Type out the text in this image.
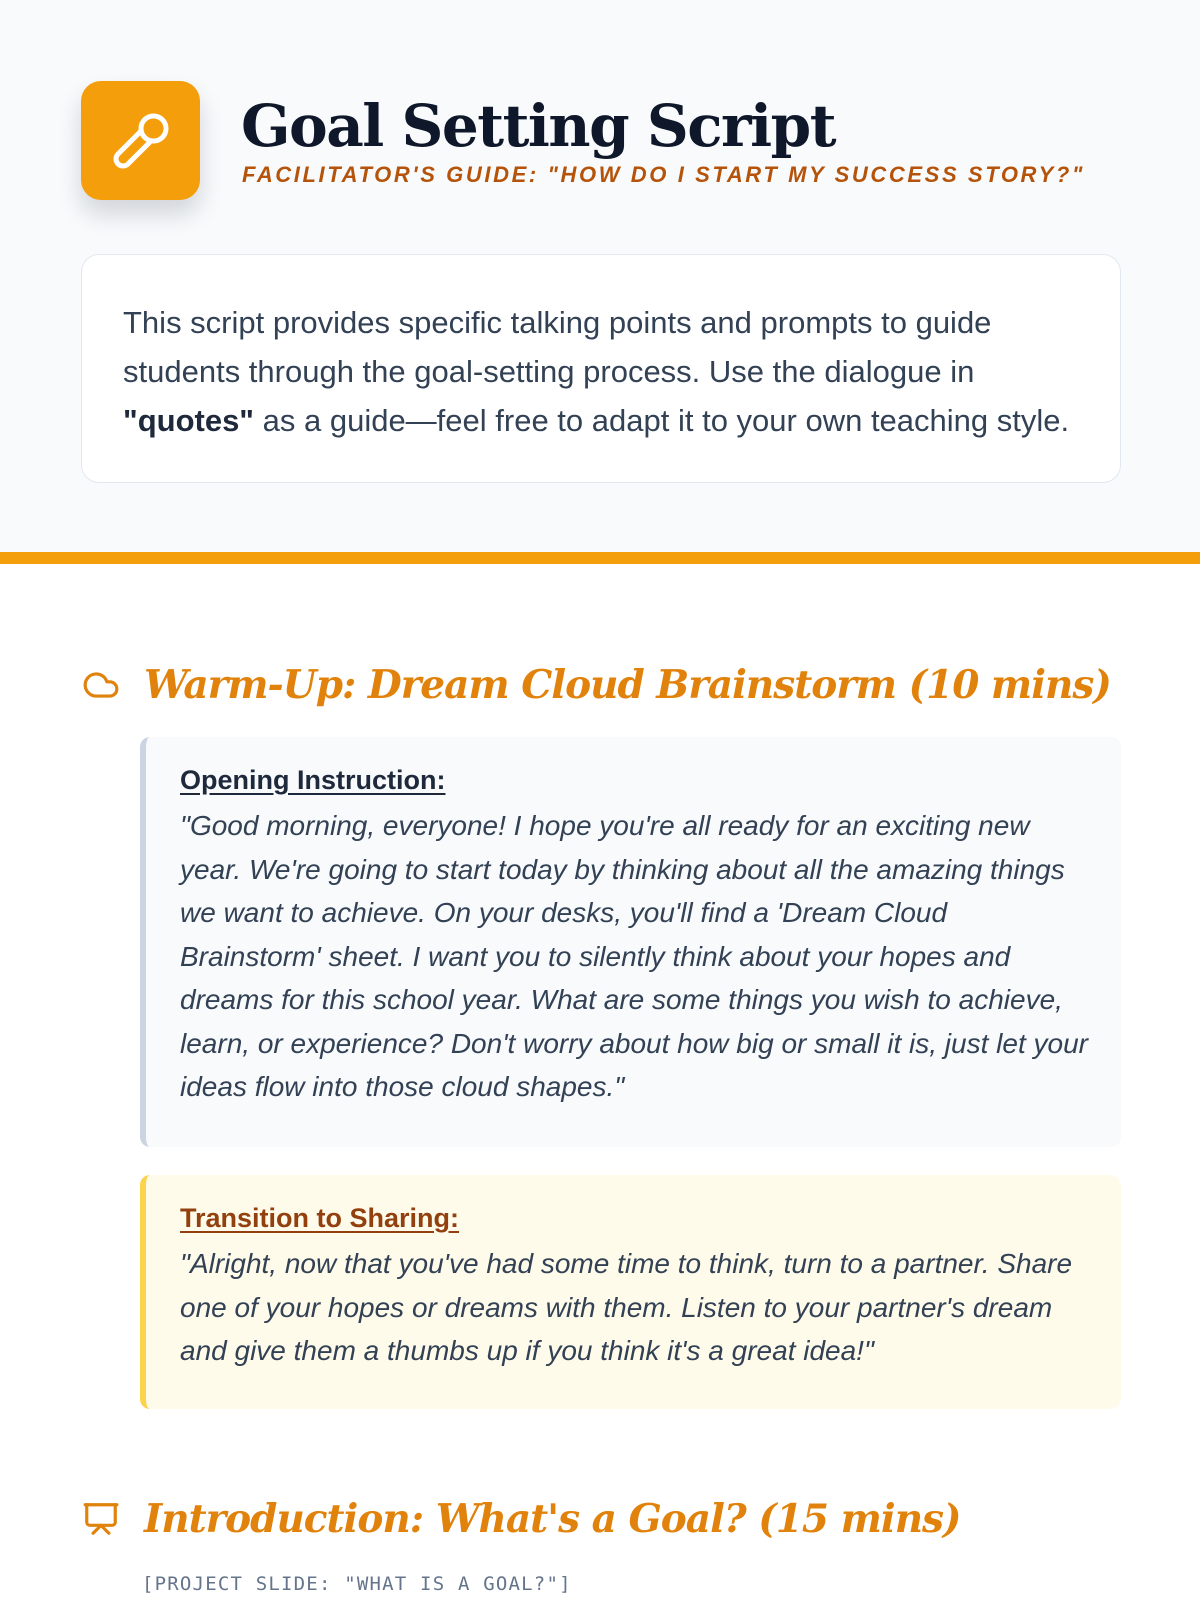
Goal Setting Script
FACILITATOR'S GUIDE: "HOW DO I START MY SUCCESS STORY?"

This script provides specific talking points and prompts to guide students through the goal-setting process. Use the dialogue in "quotes" as a guide—feel free to adapt it to your own teaching style.

Warm-Up: Dream Cloud Brainstorm (10 mins)
Opening Instruction:

"Good morning, everyone! I hope you're all ready for an exciting new year. We're going to start today by thinking about all the amazing things we want to achieve. On your desks, you'll find a 'Dream Cloud Brainstorm' sheet. I want you to silently think about your hopes and dreams for this school year. What are some things you wish to achieve, learn, or experience? Don't worry about how big or small it is, just let your ideas flow into those cloud shapes."

Transition to Sharing:

"Alright, now that you've had some time to think, turn to a partner. Share one of your hopes or dreams with them. Listen to your partner's dream and give them a thumbs up if you think it's a great idea!"

Introduction: What's a Goal? (15 mins)
[PROJECT SLIDE: "WHAT IS A GOAL?"]
